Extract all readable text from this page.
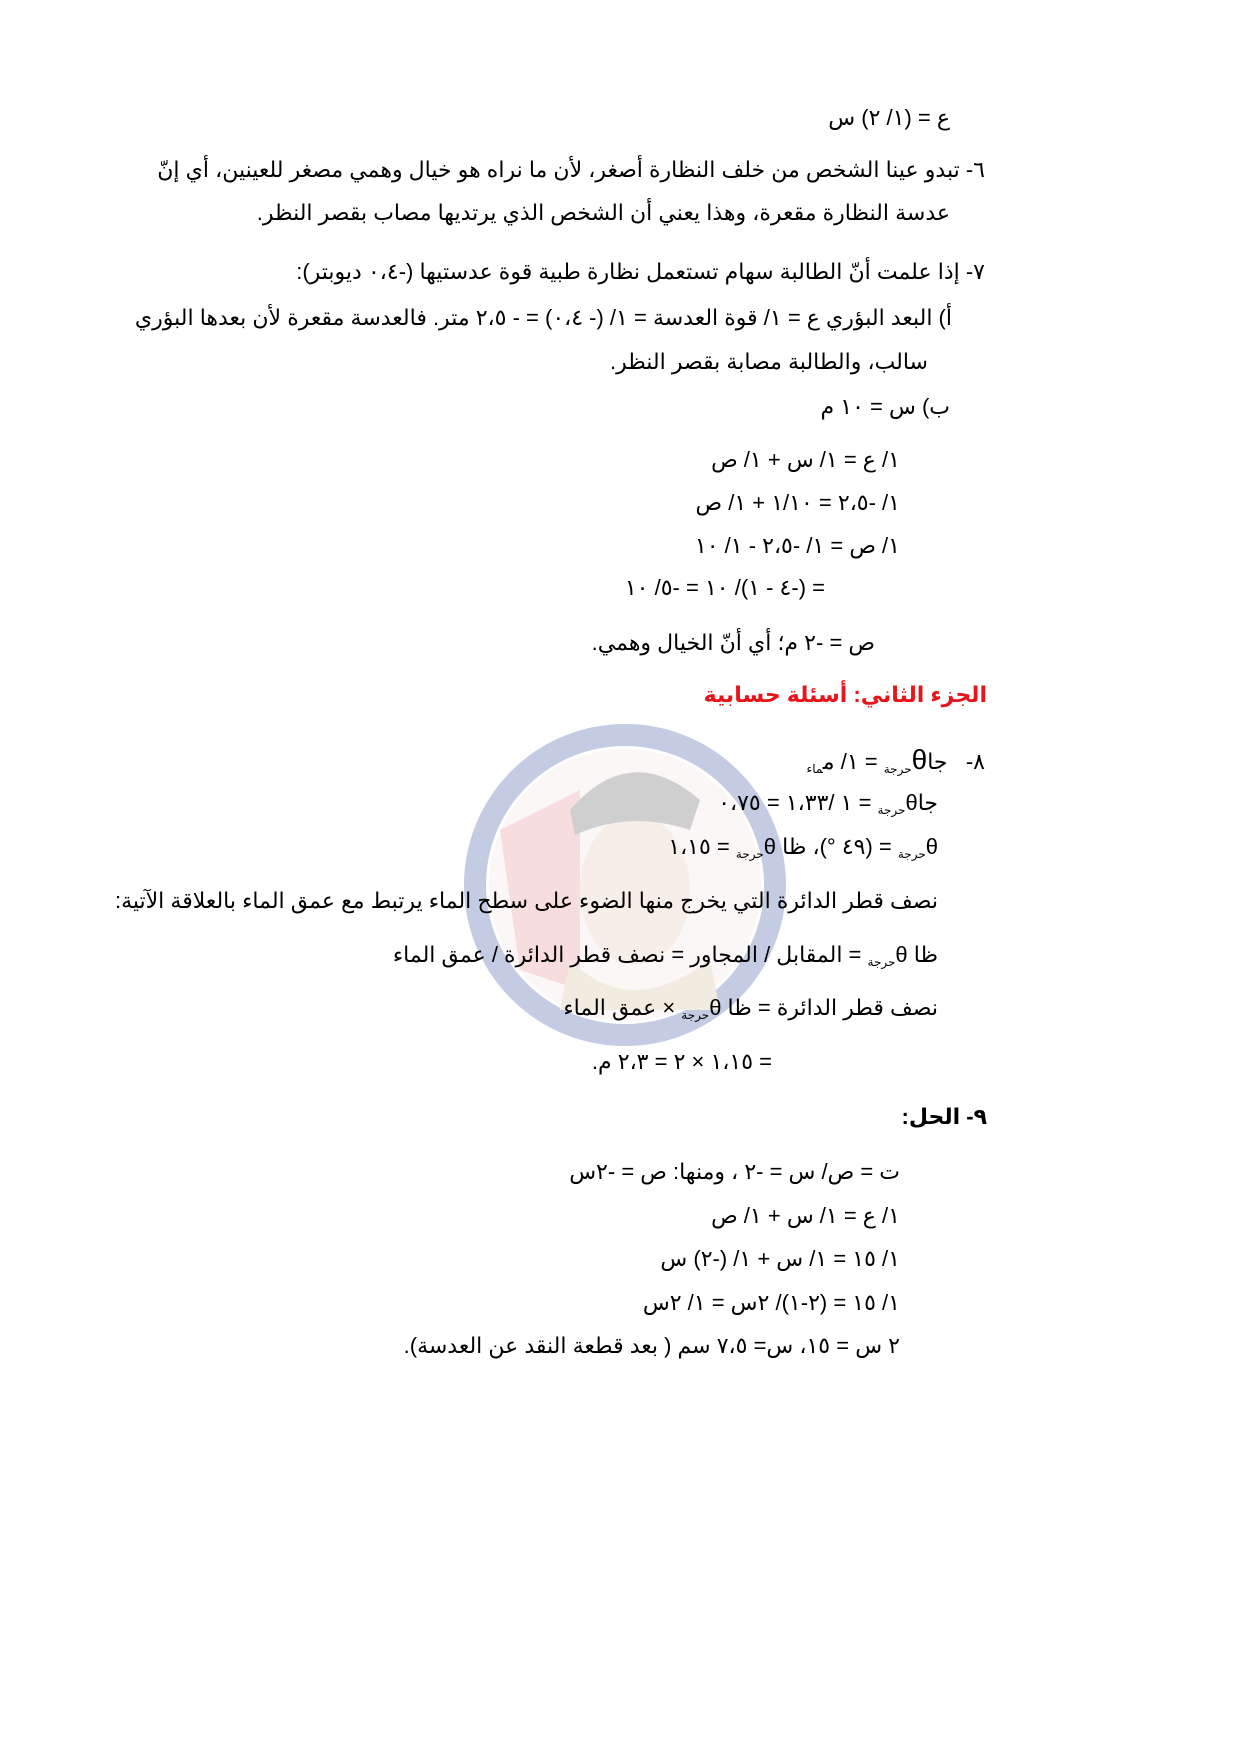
ع = (١/ ٢) س
٦- تبدو عينا الشخص من خلف النظارة أصغر، لأن ما نراه هو خيال وهمي مصغر للعينين، أي إنّ
عدسة النظارة مقعرة، وهذا يعني أن الشخص الذي يرتديها مصاب بقصر النظر.
٧- إذا علمت أنّ الطالبة سهام تستعمل نظارة طبية قوة عدستيها (-٠،٤ ديوبتر):
أ) البعد البؤري ع = ١/ قوة العدسة = ١/ (- ٠،٤) = - ٢،٥ متر. فالعدسة مقعرة لأن بعدها البؤري
سالب، والطالبة مصابة بقصر النظر.
ب) س = ١٠ م
١/ ع = ١/ س + ١/ ص
١/ -٢،٥ = ١/١٠ + ١/ ص
١/ ص = ١/ -٢،٥ - ١/ ١٠
= (-٤ - ١)/ ١٠ = -٥/ ١٠
ص = -٢ م؛ أي أنّ الخيال وهمي.
الجزء الثاني: أسئلة حسابية
٨-   جاθ$_{حرجة}$ = ١/ م$_{ماء}$
جاθ$_{حرجة}$ = ١ /١،٣٣ = ٠،٧٥
$\theta_{حرجة}$ = (٤٩ °)، ظا $\theta_{حرجة}$ = ١،١٥
نصف قطر الدائرة التي يخرج منها الضوء على سطح الماء يرتبط مع عمق الماء بالعلاقة الآتية:
ظا $\theta_{حرجة}$ = المقابل / المجاور = نصف قطر الدائرة / عمق الماء
نصف قطر الدائرة = ظا $\theta_{حرجة}$ × عمق الماء
= ١،١٥ × ٢ = ٢،٣ م.
٩- الحل:
ت = ص/ س = -٢ ، ومنها: ص = -٢س
١/ ع = ١/ س + ١/ ص
١/ ١٥ = ١/ س + ١/ (-٢) س
١/ ١٥ = (٢-١)/ ٢س = ١/ ٢س
٢ س = ١٥، س= ٧،٥ سم ( بعد قطعة النقد عن العدسة).
